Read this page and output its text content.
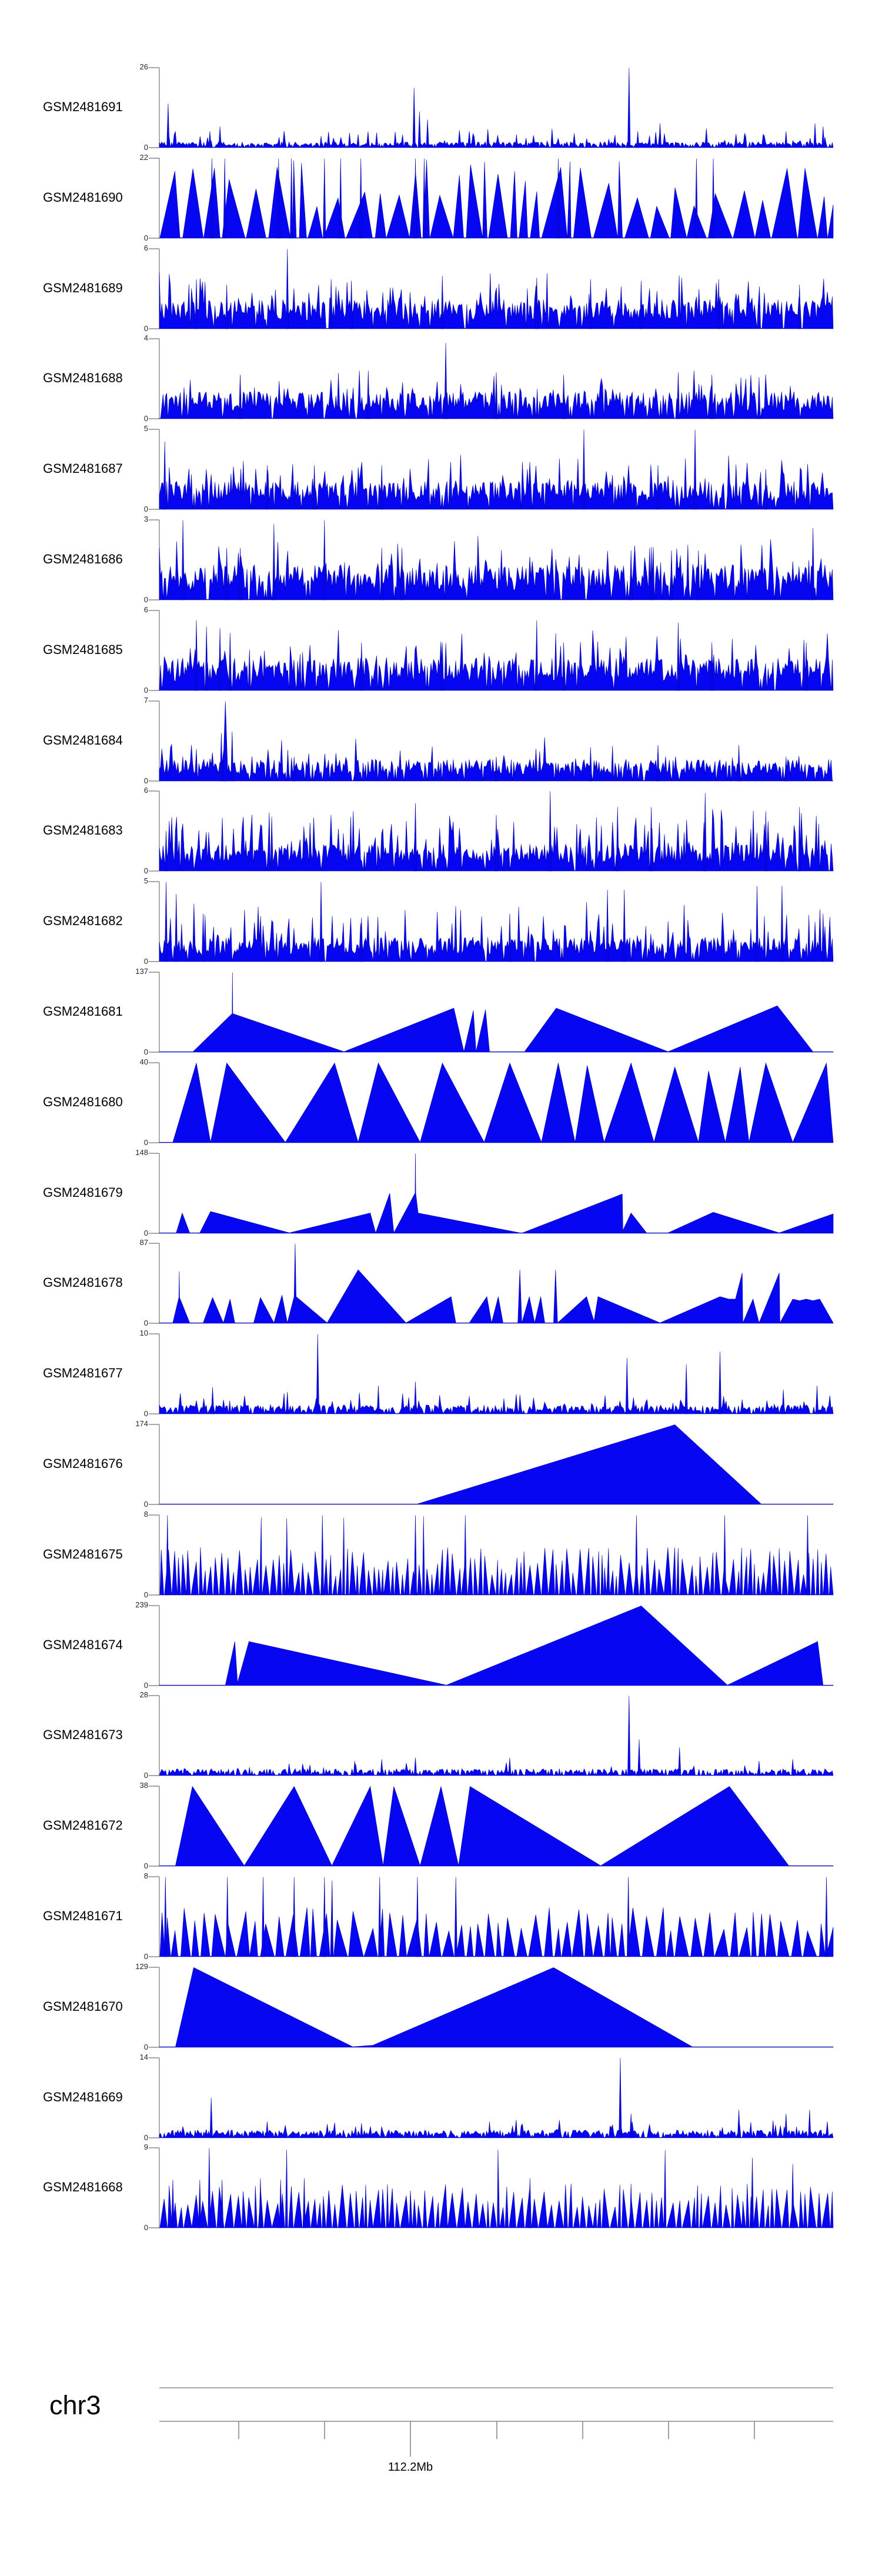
GSM2481691
26
0
GSM2481690
22
0
GSM2481689
6
0
GSM2481688
4
0
GSM2481687
5
0
GSM2481686
3
0
GSM2481685
6
0
GSM2481684
7
0
GSM2481683
6
0
GSM2481682
5
0
GSM2481681
137
0
GSM2481680
40
0
GSM2481679
148
0
GSM2481678
87
0
GSM2481677
10
0
GSM2481676
174
0
GSM2481675
8
0
GSM2481674
239
0
GSM2481673
28
0
GSM2481672
38
0
GSM2481671
8
0
GSM2481670
129
0
GSM2481669
14
0
GSM2481668
9
0
chr3
112.2Mb
